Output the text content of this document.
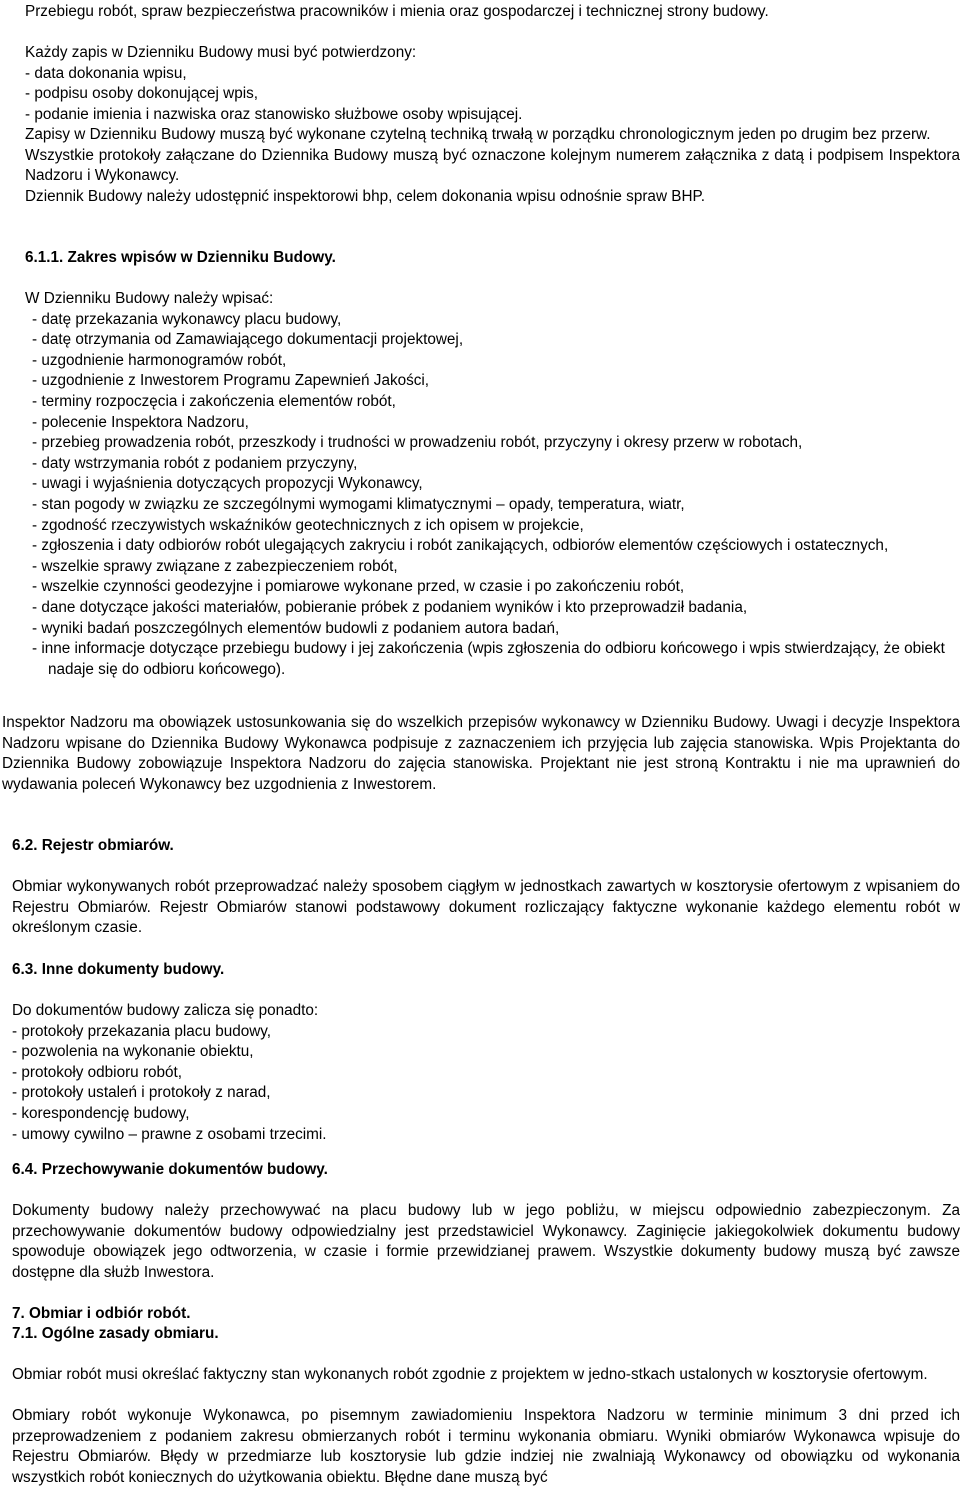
Przebiegu robót, spraw bezpieczeństwa pracowników i mienia oraz gospodarczej i technicznej strony budowy.

Każdy zapis w Dzienniku Budowy musi być potwierdzony:

- data dokonania wpisu,

- podpisu osoby dokonującej wpis,

- podanie imienia i nazwiska oraz stanowisko służbowe osoby wpisującej.

Zapisy w Dzienniku Budowy muszą być wykonane czytelną techniką trwałą w porządku chronologicznym jeden po drugim bez przerw.

Wszystkie protokoły załączane do Dziennika Budowy muszą być oznaczone kolejnym numerem załącznika z datą i podpisem Inspektora Nadzoru i Wykonawcy.

Dziennik Budowy należy udostępnić inspektorowi bhp, celem dokonania wpisu odnośnie spraw BHP.

6.1.1. Zakres wpisów w Dzienniku Budowy.

W Dzienniku Budowy należy wpisać:

- datę przekazania wykonawcy placu budowy,

- datę otrzymania od Zamawiającego dokumentacji projektowej,

- uzgodnienie harmonogramów robót,

- uzgodnienie z Inwestorem Programu Zapewnień Jakości,

- terminy rozpoczęcia i zakończenia elementów robót,

- polecenie Inspektora Nadzoru,

- przebieg prowadzenia robót, przeszkody i trudności w prowadzeniu robót, przyczyny i okresy przerw w robotach,

- daty wstrzymania robót z podaniem przyczyny,

- uwagi i wyjaśnienia dotyczących propozycji Wykonawcy,

- stan pogody w związku ze szczególnymi wymogami klimatycznymi – opady, temperatura, wiatr,

- zgodność rzeczywistych wskaźników geotechnicznych z ich opisem w projekcie,

- zgłoszenia i daty odbiorów robót ulegających zakryciu i robót zanikających, odbiorów elementów częściowych i ostatecznych,

- wszelkie sprawy związane z zabezpieczeniem robót,

- wszelkie czynności geodezyjne i pomiarowe wykonane przed, w czasie i po zakończeniu robót,

- dane dotyczące jakości materiałów, pobieranie próbek z podaniem wyników i kto przeprowadził badania,

- wyniki badań poszczególnych elementów budowli z podaniem autora badań,

- inne informacje dotyczące przebiegu budowy i jej zakończenia (wpis zgłoszenia do odbioru końcowego i wpis stwierdzający, że obiekt nadaje się do odbioru końcowego).

Inspektor Nadzoru ma obowiązek ustosunkowania się do wszelkich przepisów wykonawcy w Dzienniku Budowy. Uwagi i decyzje Inspektora Nadzoru wpisane do Dziennika Budowy Wykonawca podpisuje z zaznaczeniem ich przyjęcia lub zajęcia stanowiska. Wpis Projektanta do Dziennika Budowy zobowiązuje Inspektora Nadzoru do zajęcia stanowiska. Projektant nie jest stroną Kontraktu i nie ma uprawnień do wydawania poleceń Wykonawcy bez uzgodnienia z Inwestorem.

6.2. Rejestr obmiarów.

Obmiar wykonywanych robót przeprowadzać należy sposobem ciągłym w jednostkach zawartych w kosztorysie ofertowym z wpisaniem do Rejestru Obmiarów. Rejestr Obmiarów stanowi podstawowy dokument rozliczający faktyczne wykonanie każdego elementu robót w określonym czasie.

6.3. Inne dokumenty budowy.

Do dokumentów budowy zalicza się ponadto:

- protokoły przekazania placu budowy,

- pozwolenia na wykonanie obiektu,

- protokoły odbioru robót,

- protokoły ustaleń i protokoły z narad,

- korespondencję budowy,

- umowy cywilno – prawne z osobami trzecimi.

6.4. Przechowywanie dokumentów budowy.

Dokumenty budowy należy przechowywać na placu budowy lub w jego pobliżu, w miejscu odpowiednio zabezpieczonym. Za przechowywanie dokumentów budowy odpowiedzialny jest przedstawiciel Wykonawcy. Zaginięcie jakiegokolwiek dokumentu budowy spowoduje obowiązek jego odtworzenia, w czasie i formie przewidzianej prawem. Wszystkie dokumenty budowy muszą być zawsze dostępne dla służb Inwestora.

7. Obmiar i odbiór robót.
7.1. Ogólne zasady obmiaru.

Obmiar robót musi określać faktyczny stan wykonanych robót zgodnie z projektem w jedno-stkach ustalonych w kosztorysie ofertowym.

Obmiary robót wykonuje Wykonawca, po pisemnym zawiadomieniu Inspektora Nadzoru w terminie minimum 3 dni przed ich przeprowadzeniem z podaniem zakresu obmierzanych robót i terminu wykonania obmiaru. Wyniki obmiarów Wykonawca wpisuje do Rejestru Obmiarów. Błędy w przedmiarze lub kosztorysie lub gdzie indziej nie zwalniają Wykonawcy od obowiązku od wykonania wszystkich robót koniecznych do użytkowania obiektu. Błędne dane muszą być
